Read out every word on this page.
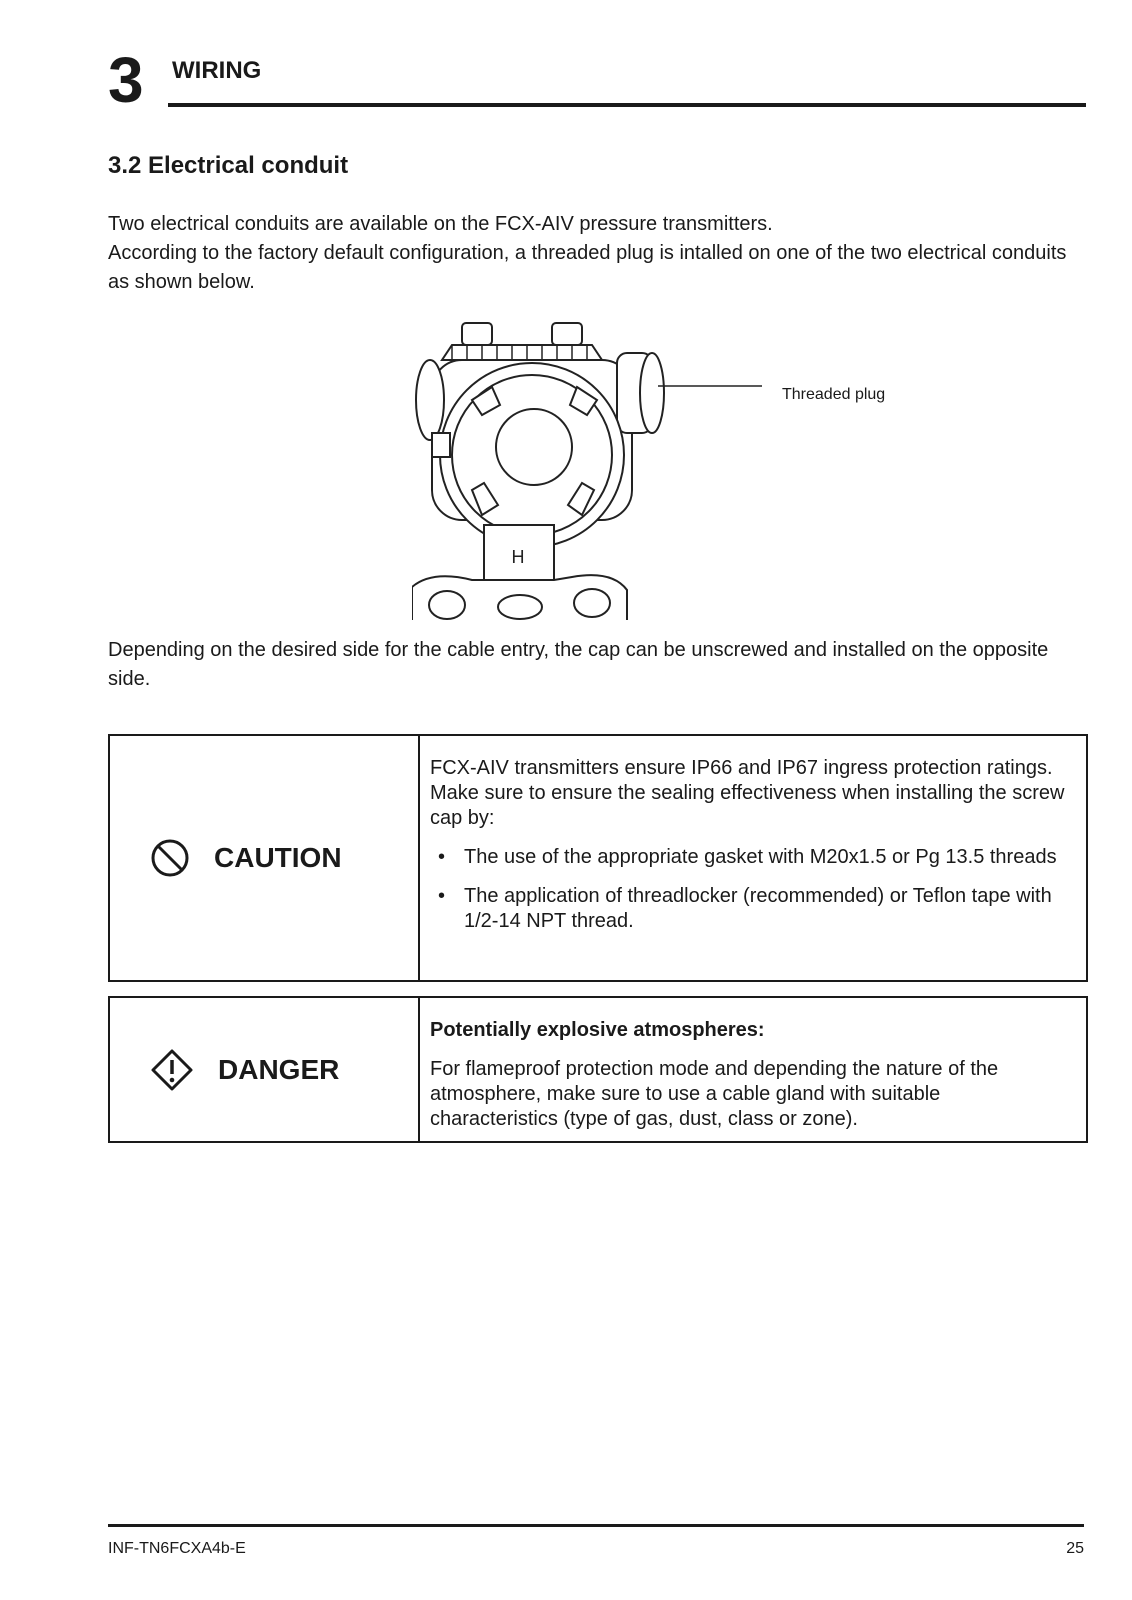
3 WIRING
3.2 Electrical conduit
Two electrical conduits are available on the FCX-AIV pressure transmitters.
According to the factory default configuration, a threaded plug is intalled on one of the two electrical conduits as shown below.
H
Threaded plug

Depending on the desired side for the cable entry, the cap can be unscrewed and installed on the opposite side.

CAUTION

FCX-AIV transmitters ensure IP66 and IP67 ingress protection ratings. Make sure to ensure the sealing effectiveness when installing the screw cap by:

• The use of the appropriate gasket with M20x1.5 or Pg 13.5 threads
• The application of threadlocker (recommended) or Teflon tape with 1/2-14 NPT thread.
DANGER

Potentially explosive atmospheres:

For flameproof protection mode and depending the nature of the atmosphere, make sure to use a cable gland with suitable characteristics (type of gas, dust, class or zone).

INF-TN6FCXA4b-E	25
